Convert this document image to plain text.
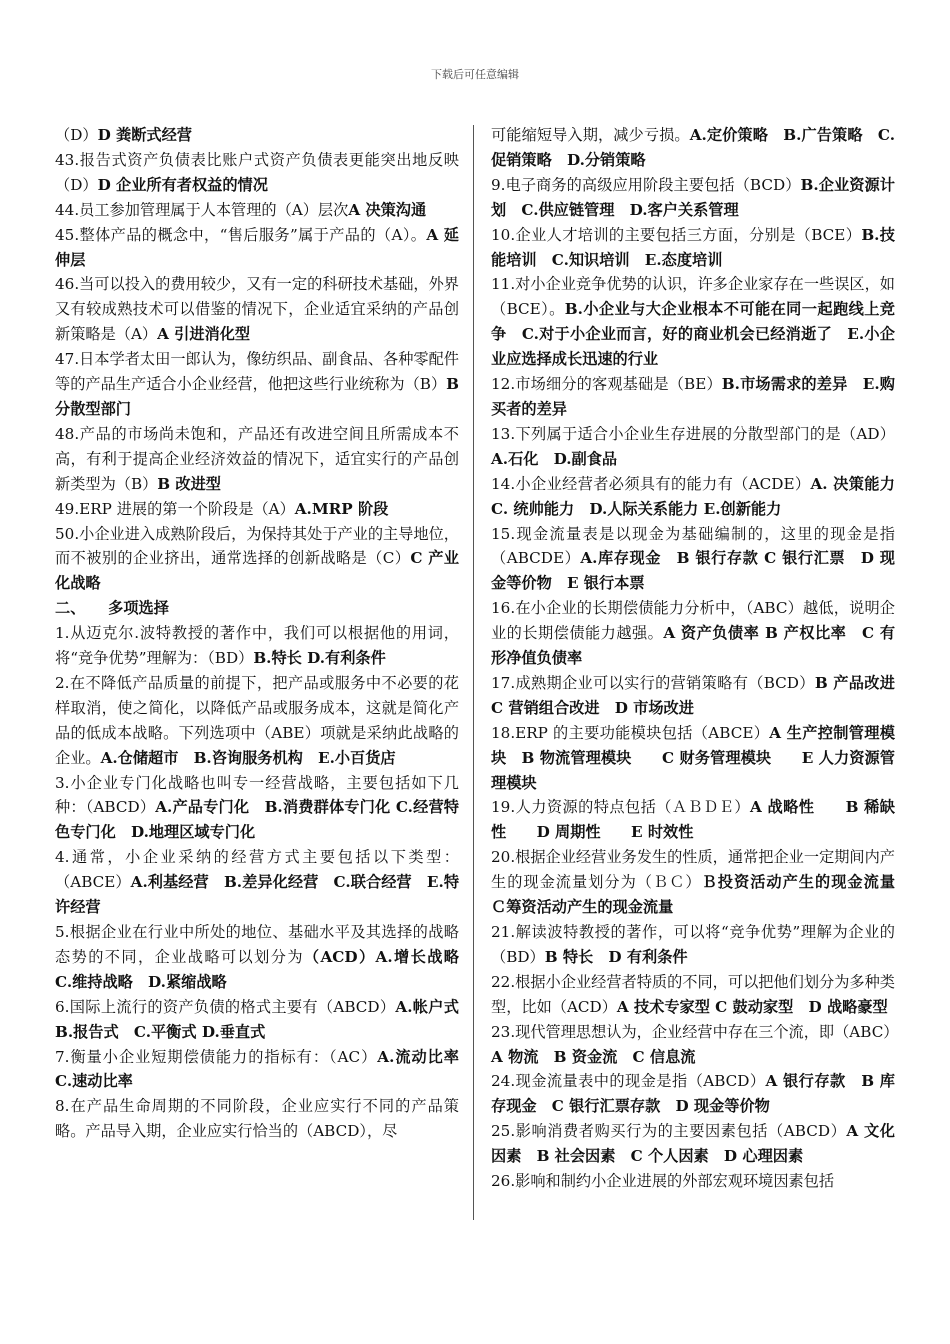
下载后可任意编辑

（D）D 粪断式经营

43.报告式资产负债表比账户式资产负债表更能突出地反映（D）D 企业所有者权益的情况

44.员工参加管理属于人本管理的（A）层次A 决策沟通

45.整体产品的概念中，“售后服务”属于产品的（A）。A 延伸层

46.当可以投入的费用较少，又有一定的科研技术基础，外界又有较成熟技术可以借鉴的情况下，企业适宜采纳的产品创新策略是（A）A 引进消化型

47.日本学者太田一郎认为，像纺织品、副食品、各种零配件等的产品生产适合小企业经营，他把这些行业统称为（B）B 分散型部门

48.产品的市场尚未饱和，产品还有改进空间且所需成本不高，有利于提高企业经济效益的情况下，适宜实行的产品创新类型为（B）B 改进型

49.ERP 进展的第一个阶段是（A）A.MRP 阶段

50.小企业进入成熟阶段后，为保持其处于产业的主导地位，而不被别的企业挤出，通常选择的创新战略是（C）C 产业化战略

二、　　多项选择

1.从迈克尔.波特教授的著作中，我们可以根据他的用词，将“竞争优势”理解为：（BD）B.特长 D.有利条件

2.在不降低产品质量的前提下，把产品或服务中不必要的花样取消，使之简化，以降低产品或服务成本，这就是简化产品的低成本战略。下列选项中（ABE）项就是采纳此战略的企业。A.仓储超市　B.咨询服务机构　E.小百货店

3.小企业专门化战略也叫专一经营战略，主要包括如下几种：（ABCD）A.产品专门化　B.消费群体专门化 C.经营特色专门化　D.地理区域专门化

4.通常，小企业采纳的经营方式主要包括以下类型：（ABCE）A.利基经营　B.差异化经营　C.联合经营　E.特许经营

5.根据企业在行业中所处的地位、基础水平及其选择的战略态势的不同，企业战略可以划分为（ACD）A.增长战略　C.维持战略　D.紧缩战略

6.国际上流行的资产负债的格式主要有（ABCD）A.帐户式 B.报告式　C.平衡式 D.垂直式

7.衡量小企业短期偿债能力的指标有：（AC）A.流动比率　C.速动比率

8.在产品生命周期的不同阶段，企业应实行不同的产品策略。产品导入期，企业应实行恰当的（ABCD），尽

可能缩短导入期，减少亏损。A.定价策略　B.广告策略　C.促销策略　D.分销策略

9.电子商务的高级应用阶段主要包括（BCD）B.企业资源计划　C.供应链管理　D.客户关系管理

10.企业人才培训的主要包括三方面，分别是（BCE）B.技能培训　C.知识培训　E.态度培训

11.对小企业竞争优势的认识，许多企业家存在一些误区，如（BCE）。B.小企业与大企业根本不可能在同一起跑线上竞争　C.对于小企业而言，好的商业机会已经消逝了　E.小企业应选择成长迅速的行业

12.市场细分的客观基础是（BE）B.市场需求的差异　E.购买者的差异

13.下列属于适合小企业生存进展的分散型部门的是（AD）A.石化　D.副食品

14.小企业经营者必须具有的能力有（ACDE）A. 决策能力　C. 统帅能力　D.人际关系能力 E.创新能力

15.现金流量表是以现金为基础编制的，这里的现金是指（ABCDE）A.库存现金　B 银行存款 C 银行汇票　D 现金等价物　E 银行本票

16.在小企业的长期偿债能力分析中，（ABC）越低，说明企业的长期偿债能力越强。A 资产负债率 B 产权比率　C 有形净值负债率

17.成熟期企业可以实行的营销策略有（BCD）B 产品改进　C 营销组合改进　D 市场改进

18.ERP 的主要功能模块包括（ABCE）A 生产控制管理模块　B 物流管理模块　　C 财务管理模块　　E 人力资源管理模块

19.人力资源的特点包括（ＡＢＤＥ）A 战略性　　B 稀缺性　　D 周期性　　E 时效性

20.根据企业经营业务发生的性质，通常把企业一定期间内产生的现金流量划分为（ＢＣ）Ｂ投资活动产生的现金流量　　Ｃ筹资活动产生的现金流量

21.解读波特教授的著作，可以将“竞争优势”理解为企业的（BD）B 特长　D 有利条件

22.根据小企业经营者特质的不同，可以把他们划分为多种类型，比如（ACD）A 技术专家型 C 鼓动家型　D 战略豪型

23.现代管理思想认为，企业经营中存在三个流，即（ABC）A 物流　B 资金流　C 信息流

24.现金流量表中的现金是指（ABCD）A 银行存款　B 库存现金　C 银行汇票存款　D 现金等价物

25.影响消费者购买行为的主要因素包括（ABCD）A 文化因素　B 社会因素　C 个人因素　D 心理因素

26.影响和制约小企业进展的外部宏观环境因素包括
